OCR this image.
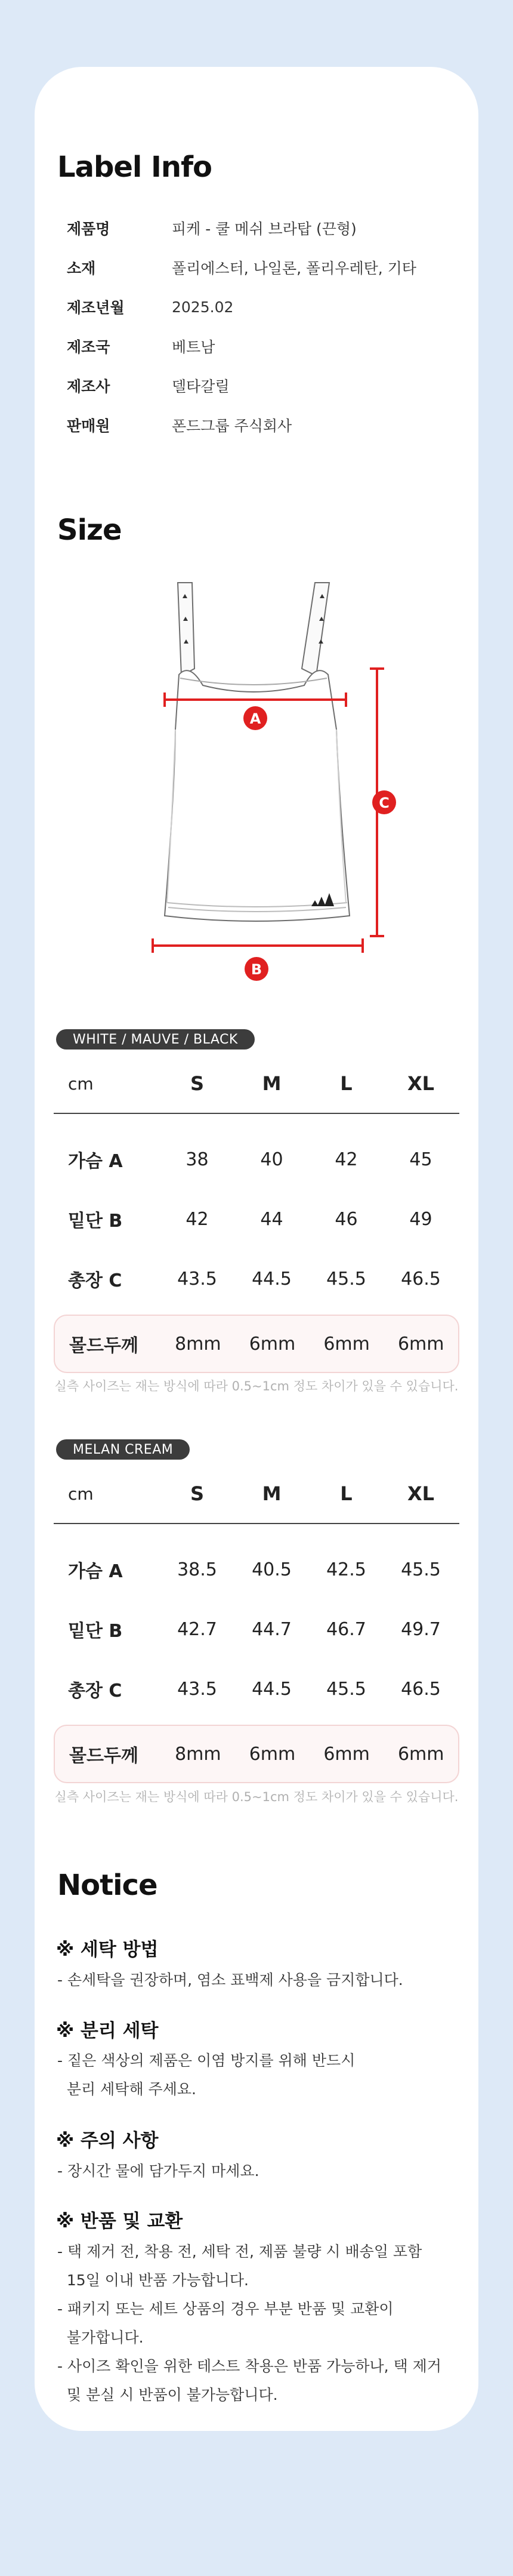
Label Info
제품명	피케 - 쿨 메쉬 브라탑 (끈형)
소재	폴리에스터, 나일론, 폴리우레탄, 기타
제조년월	2025.02
제조국	베트남
제조사	델타갈릴
판매원	폰드그룹 주식회사
Size
A
B
C
WHITE / MAUVE / BLACK
cm	S	M	L	XL
가슴 A	38	40	42	45
밑단 B	42	44	46	49
총장 C	43.5	44.5	45.5	46.5
몰드두께	8mm	6mm	6mm	6mm
실측 사이즈는 재는 방식에 따라 0.5~1cm 정도 차이가 있을 수 있습니다.
MELAN CREAM
cm	S	M	L	XL
가슴 A	38.5	40.5	42.5	45.5
밑단 B	42.7	44.7	46.7	49.7
총장 C	43.5	44.5	45.5	46.5
몰드두께	8mm	6mm	6mm	6mm
실측 사이즈는 재는 방식에 따라 0.5~1cm 정도 차이가 있을 수 있습니다.
Notice
※ 세탁 방법

- 손세탁을 권장하며, 염소 표백제 사용을 금지합니다.

※ 분리 세탁

- 짙은 색상의 제품은 이염 방지를 위해 반드시
분리 세탁해 주세요.

※ 주의 사항

- 장시간 물에 담가두지 마세요.

※ 반품 및 교환

- 택 제거 전, 착용 전, 세탁 전, 제품 불량 시 배송일 포함
15일 이내 반품 가능합니다.
- 패키지 또는 세트 상품의 경우 부분 반품 및 교환이
불가합니다.
- 사이즈 확인을 위한 테스트 착용은 반품 가능하나, 택 제거
및 분실 시 반품이 불가능합니다.
